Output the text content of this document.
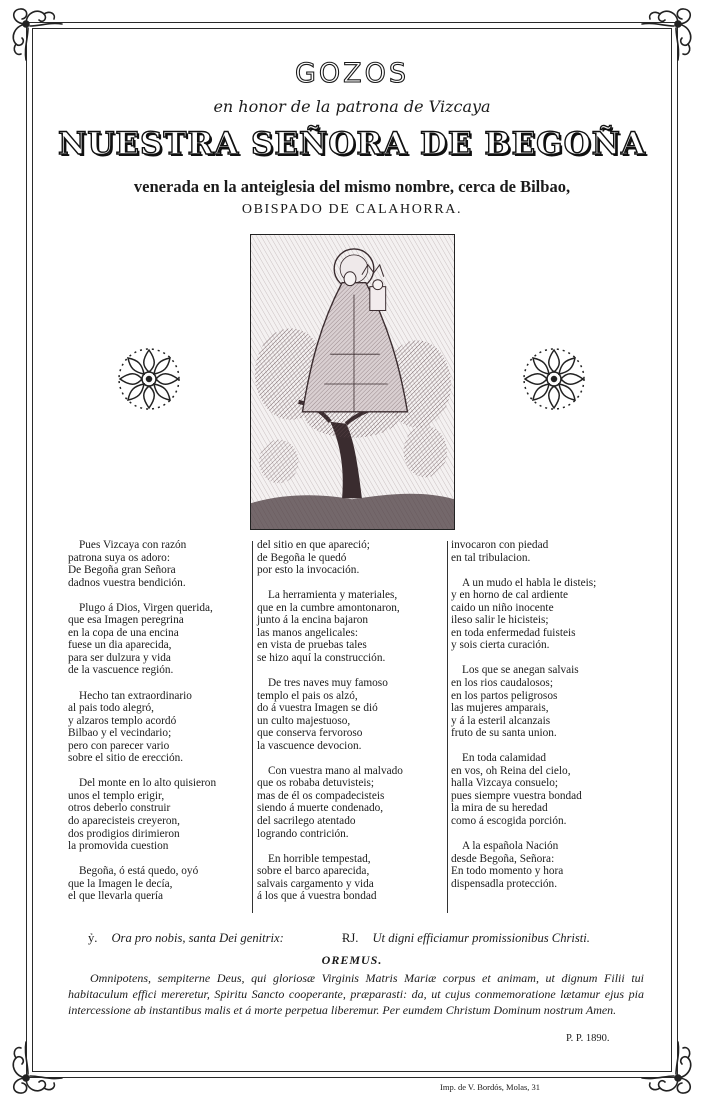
GOZOS
en honor de la patrona de Vizcaya
NUESTRA SEÑORA DE BEGOÑA
venerada en la anteiglesia del mismo nombre, cerca de Bilbao,
OBISPADO DE CALAHORRA.
Pues Vizcaya con razón
patrona suya os adoro:
De Begoña gran Señora
dadnos vuestra bendición.
Plugo á Dios, Virgen querida,
que esa Imagen peregrina
en la copa de una encina
fuese un dia aparecida,
para ser dulzura y vida
de la vascuence región.
Hecho tan extraordinario
al pais todo alegró,
y alzaros templo acordó
Bilbao y el vecindario;
pero con parecer vario
sobre el sitio de erección.
Del monte en lo alto quisieron
unos el templo erigir,
otros deberlo construir
do aparecisteis creyeron,
dos prodigios dirimieron
la promovida cuestion
Begoña, ó está quedo, oyó
que la Imagen le decía,
el que llevarla quería
del sitio en que apareció;
de Begoña le quedó
por esto la invocación.
La herramienta y materiales,
que en la cumbre amontonaron,
junto á la encina bajaron
las manos angelicales:
en vista de pruebas tales
se hizo aquí la construcción.
De tres naves muy famoso
templo el pais os alzó,
do á vuestra Imagen se dió
un culto majestuoso,
que conserva fervoroso
la vascuence devocion.
Con vuestra mano al malvado
que os robaba detuvisteis;
mas de él os compadecisteis
siendo á muerte condenado,
del sacrilego atentado
logrando contrición.
En horrible tempestad,
sobre el barco aparecida,
salvais cargamento y vida
á los que á vuestra bondad
invocaron con piedad
en tal tribulacion.
A un mudo el habla le disteis;
y en horno de cal ardiente
caido un niño inocente
ileso salir le hicisteis;
en toda enfermedad fuisteis
y sois cierta curación.
Los que se anegan salvais
en los rios caudalosos;
en los partos peligrosos
las mujeres amparais,
y á la esteril alcanzais
fruto de su santa union.
En toda calamidad
en vos, oh Reina del cielo,
halla Vizcaya consuelo;
pues siempre vuestra bondad
la mira de su heredad
como á escogida porción.
A la española Nación
desde Begoña, Señora:
En todo momento y hora
dispensadla protección.
ỷ. Ora pro nobis, santa Dei genitrix:	ɌJ. Ut digni efficiamur promissionibus Christi.
OREMUS.
Omnipotens, sempiterne Deus, qui gloriosæ Virginis Matris Mariæ corpus et animam, ut dignum Filii tui habitaculum effici mereretur, Spiritu Sancto cooperante, præparasti: da, ut cujus conmemoratione lætamur ejus pia intercessione ab instantibus malis et á morte perpetua liberemur. Per eumdem Christum Dominum nostrum Amen.
P. P. 1890.
Imp. de V. Bordós, Molas, 31
